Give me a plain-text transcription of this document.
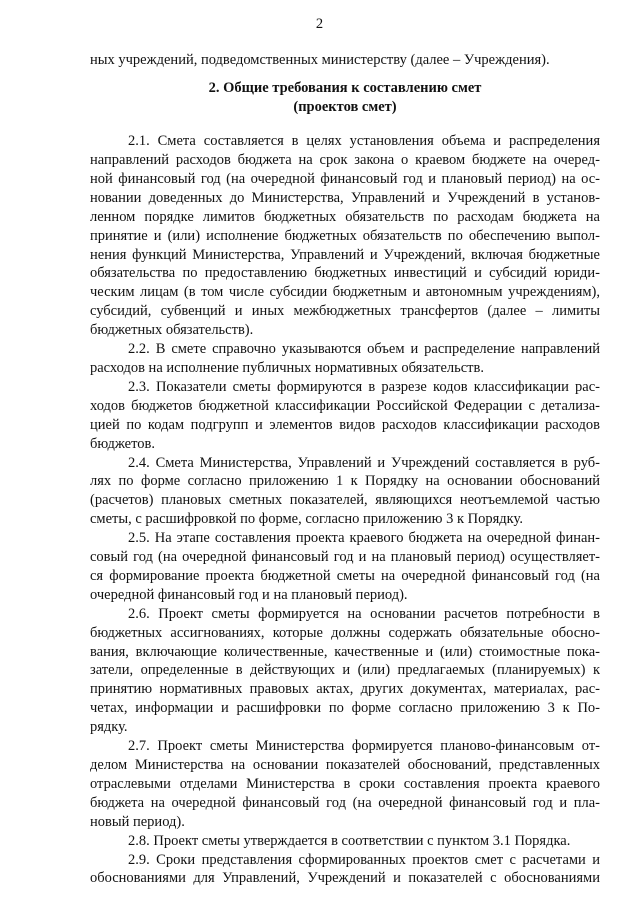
2
ных учреждений, подведомственных министерству (далее – Учреждения).
2. Общие требования к составлению смет
(проектов смет)
2.1. Смета составляется в целях установления объема и распределения
направлений расходов бюджета на срок закона о краевом бюджете на очеред-
ной финансовый год (на очередной финансовый год и плановый период) на ос-
новании доведенных до Министерства, Управлений и Учреждений в установ-
ленном порядке лимитов бюджетных обязательств по расходам бюджета на
принятие и (или) исполнение бюджетных обязательств по обеспечению выпол-
нения функций Министерства, Управлений и Учреждений, включая бюджетные
обязательства по предоставлению бюджетных инвестиций и субсидий юриди-
ческим лицам (в том числе субсидии бюджетным и автономным учреждениям),
субсидий, субвенций и иных межбюджетных трансфертов (далее – лимиты
бюджетных обязательств).
2.2. В смете справочно указываются объем и распределение направлений
расходов на исполнение публичных нормативных обязательств.
2.3. Показатели сметы формируются в разрезе кодов классификации рас-
ходов бюджетов бюджетной классификации Российской Федерации с детализа-
цией по кодам подгрупп и элементов видов расходов классификации расходов
бюджетов.
2.4. Смета Министерства, Управлений и Учреждений составляется в руб-
лях по форме согласно приложению 1 к Порядку на основании обоснований
(расчетов) плановых сметных показателей, являющихся неотъемлемой частью
сметы, с расшифровкой по форме, согласно приложению 3 к Порядку.
2.5. На этапе составления проекта краевого бюджета на очередной финан-
совый год (на очередной финансовый год и на плановый период) осуществляет-
ся формирование проекта бюджетной сметы на очередной финансовый год (на
очередной финансовый год и на плановый период).
2.6. Проект сметы формируется на основании расчетов потребности в
бюджетных ассигнованиях, которые должны содержать обязательные обосно-
вания, включающие количественные, качественные и (или) стоимостные пока-
затели, определенные в действующих и (или) предлагаемых (планируемых) к
принятию нормативных правовых актах, других документах, материалах, рас-
четах, информации и расшифровки по форме согласно приложению 3 к По-
рядку.
2.7. Проект сметы Министерства формируется планово-финансовым от-
делом Министерства на основании показателей обоснований, представленных
отраслевыми отделами Министерства в сроки составления проекта краевого
бюджета на очередной финансовый год (на очередной финансовый год и пла-
новый период).
2.8. Проект сметы утверждается в соответствии с пунктом 3.1 Порядка.
2.9. Сроки представления сформированных проектов смет с расчетами и
обоснованиями для Управлений, Учреждений и показателей с обоснованиями
